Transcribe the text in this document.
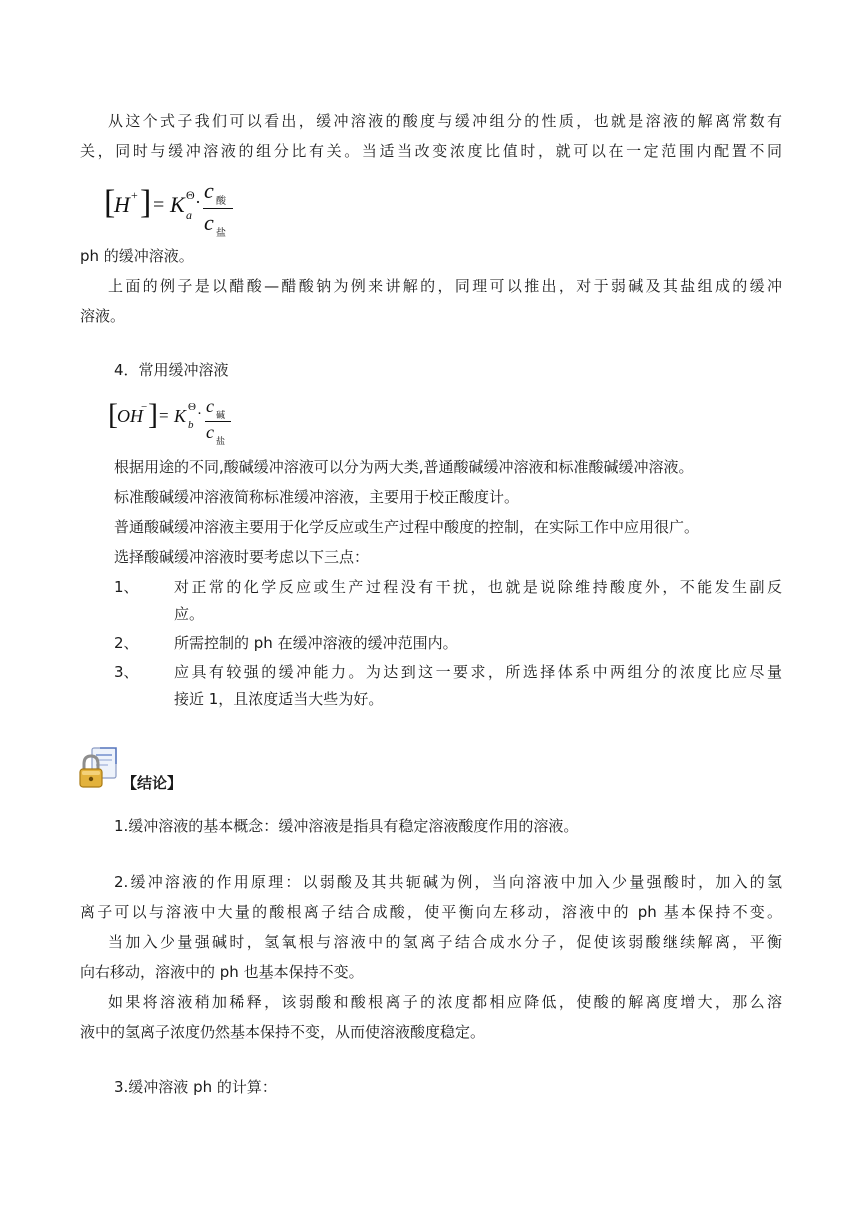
从这个式子我们可以看出，缓冲溶液的酸度与缓冲组分的性质，也就是溶液的解离常数有
关，同时与缓冲溶液的组分比有关。当适当改变浓度比值时，就可以在一定范围内配置不同
[
H + ] = K Θ
a
· c 酸
c 盐
ph 的缓冲溶液。
上面的例子是以醋酸—醋酸钠为例来讲解的，同理可以推出，对于弱碱及其盐组成的缓冲
溶液。
4．常用缓冲溶液
[ OH
− ] = K Θ
b
· c 碱
c 盐
根据用途的不同,酸碱缓冲溶液可以分为两大类,普通酸碱缓冲溶液和标准酸碱缓冲溶液。
标准酸碱缓冲溶液简称标准缓冲溶液，主要用于校正酸度计。
普通酸碱缓冲溶液主要用于化学反应或生产过程中酸度的控制，在实际工作中应用很广。
选择酸碱缓冲溶液时要考虑以下三点：
1、 对正常的化学反应或生产过程没有干扰，也就是说除维持酸度外，不能发生副反
应。
2、 所需控制的 ph 在缓冲溶液的缓冲范围内。
3、 应具有较强的缓冲能力。为达到这一要求，所选择体系中两组分的浓度比应尽量
接近 1，且浓度适当大些为好。
【结论】
1.缓冲溶液的基本概念：缓冲溶液是指具有稳定溶液酸度作用的溶液。
2.缓冲溶液的作用原理：以弱酸及其共轭碱为例，当向溶液中加入少量强酸时，加入的氢
离子可以与溶液中大量的酸根离子结合成酸，使平衡向左移动，溶液中的 ph 基本保持不变。
当加入少量强碱时，氢氧根与溶液中的氢离子结合成水分子，促使该弱酸继续解离，平衡
向右移动，溶液中的 ph 也基本保持不变。
如果将溶液稍加稀释，该弱酸和酸根离子的浓度都相应降低，使酸的解离度增大，那么溶
液中的氢离子浓度仍然基本保持不变，从而使溶液酸度稳定。
3.缓冲溶液 ph 的计算：
